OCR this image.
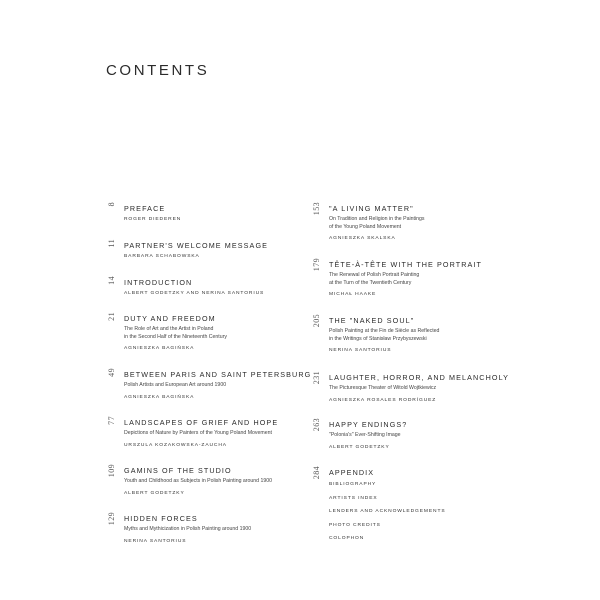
CONTENTS
8 PREFACE
ROGER DIEDEREN
11 PARTNER'S WELCOME MESSAGE
BARBARA SCHABOWSKA
14 INTRODUCTION
ALBERT GODETZKY AND NERINA SANTORIUS
21 DUTY AND FREEDOM
The Role of Art and the Artist in Poland
in the Second Half of the Nineteenth Century
AGNIESZKA BAGIŃSKA
49 BETWEEN PARIS AND SAINT PETERSBURG
Polish Artists and European Art around 1900
AGNIESZKA BAGIŃSKA
77 LANDSCAPES OF GRIEF AND HOPE
Depictions of Nature by Painters of the Young Poland Movement
URSZULA KOZAKOWSKA-ZAUCHA
109 GAMINS OF THE STUDIO
Youth and Childhood as Subjects in Polish Painting around 1900
ALBERT GODETZKY
129 HIDDEN FORCES
Myths and Mythicization in Polish Painting around 1900
NERINA SANTORIUS
153 "A LIVING MATTER"
On Tradition and Religion in the Paintings
of the Young Poland Movement
AGNIESZKA SKALSKA
179 TÊTE-À-TÊTE WITH THE PORTRAIT
The Renewal of Polish Portrait Painting
at the Turn of the Twentieth Century
MICHAŁ HAAKE
205 THE "NAKED SOUL"
Polish Painting at the Fin de Siècle as Reflected
in the Writings of Stanisław Przybyszewski
NERINA SANTORIUS
231 LAUGHTER, HORROR, AND MELANCHOLY
The Picturesque Theater of Witold Wojtkiewicz
AGNIESZKA ROSALES RODRÍGUEZ
263 HAPPY ENDINGS?
"Polonia's" Ever-Shifting Image
ALBERT GODETZKY
284 APPENDIX
BIBLIOGRAPHY
ARTISTS INDEX
LENDERS AND ACKNOWLEDGEMENTS
PHOTO CREDITS
COLOPHON
